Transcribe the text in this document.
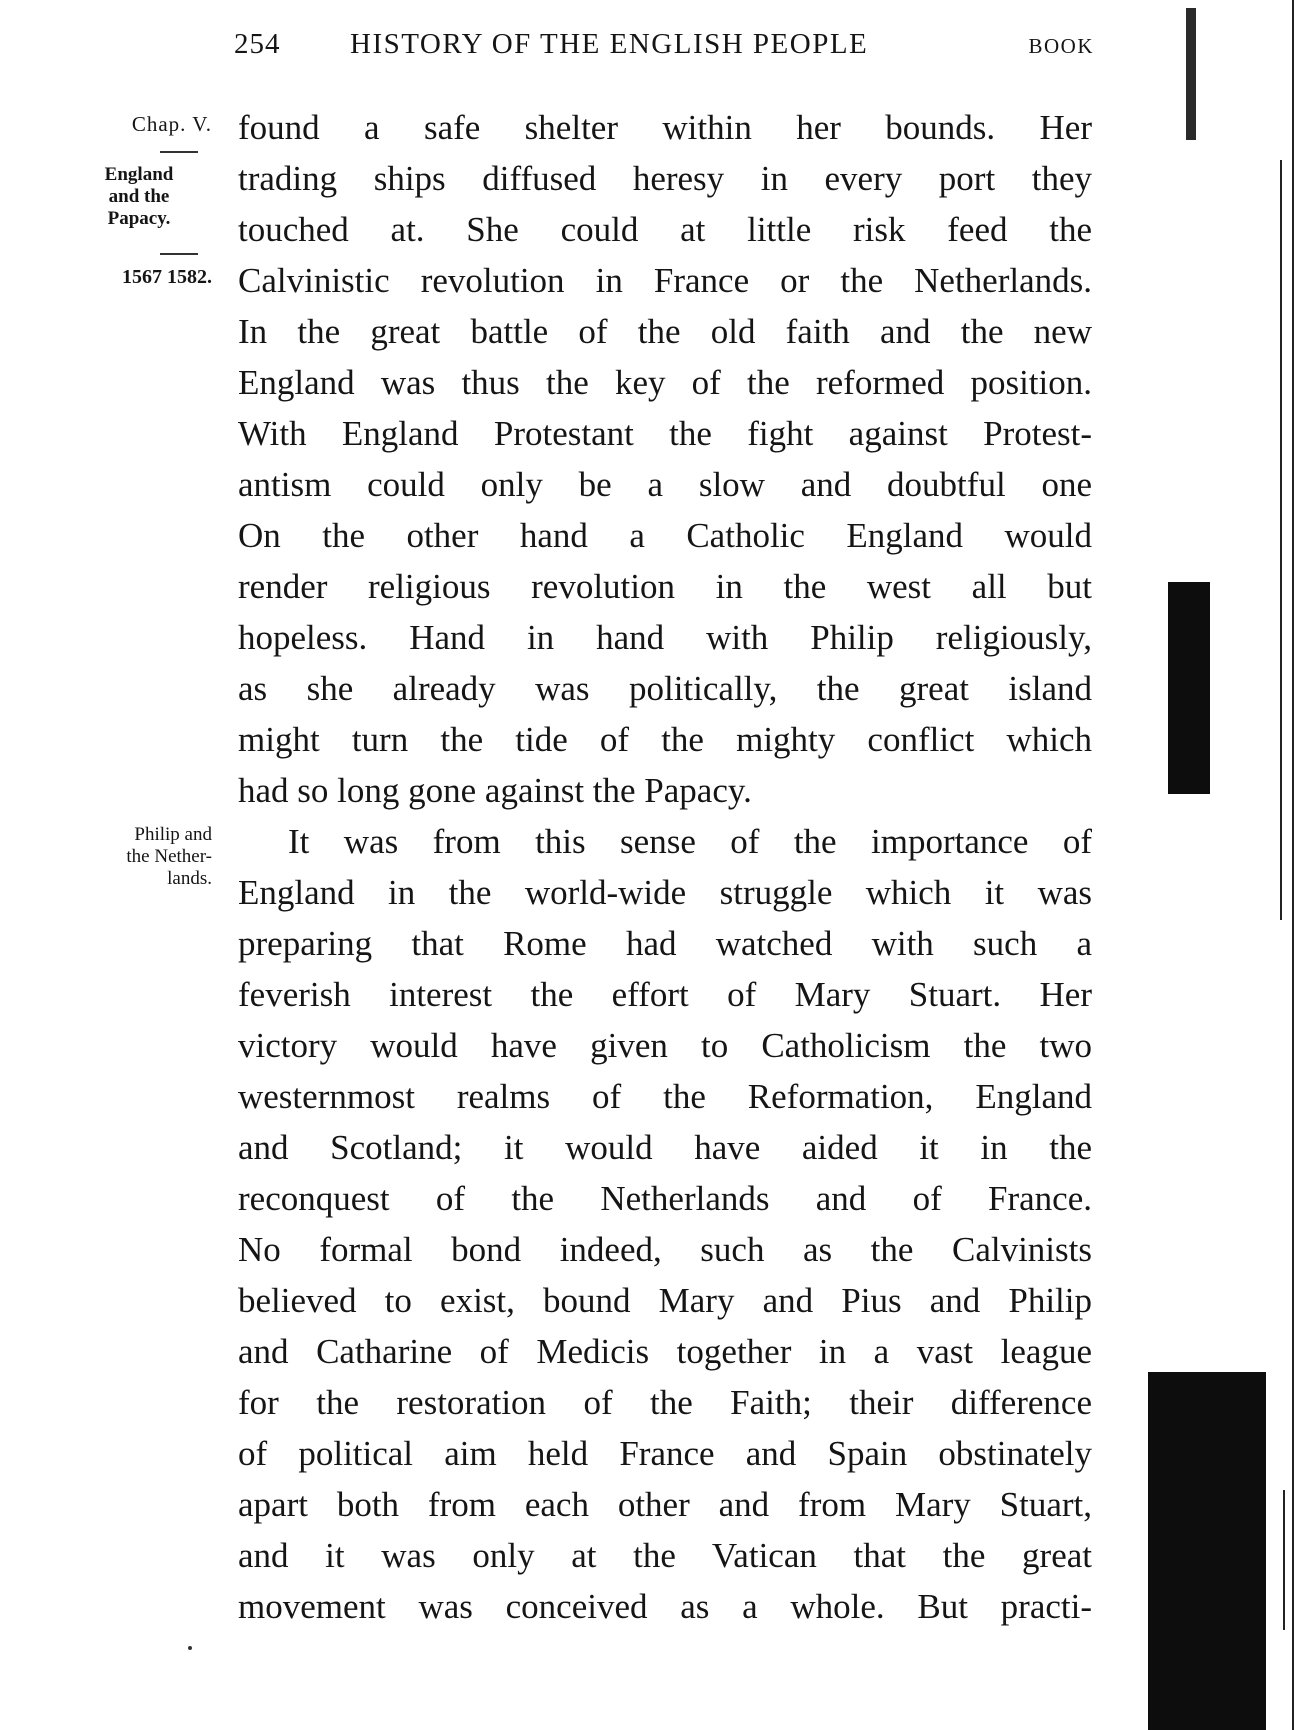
254 HISTORY OF THE ENGLISH PEOPLE	BOOK
Chap. V.
England
and the
Papacy.
1567 1582.
Philip and
the Nether-
lands.
found a safe shelter within her bounds. Her
trading ships diffused heresy in every port they
touched at. She could at little risk feed the
Calvinistic revolution in France or the Netherlands.
In the great battle of the old faith and the new
England was thus the key of the reformed position.
With England Protestant the fight against Protest-
antism could only be a slow and doubtful one
On the other hand a Catholic England would
render religious revolution in the west all but
hopeless. Hand in hand with Philip religiously,
as she already was politically, the great island
might turn the tide of the mighty conflict which
had so long gone against the Papacy.
It was from this sense of the importance of
England in the world-wide struggle which it was
preparing that Rome had watched with such a
feverish interest the effort of Mary Stuart. Her
victory would have given to Catholicism the two
westernmost realms of the Reformation, England
and Scotland; it would have aided it in the
reconquest of the Netherlands and of France.
No formal bond indeed, such as the Calvinists
believed to exist, bound Mary and Pius and Philip
and Catharine of Medicis together in a vast league
for the restoration of the Faith; their difference
of political aim held France and Spain obstinately
apart both from each other and from Mary Stuart,
and it was only at the Vatican that the great
movement was conceived as a whole. But practi-
